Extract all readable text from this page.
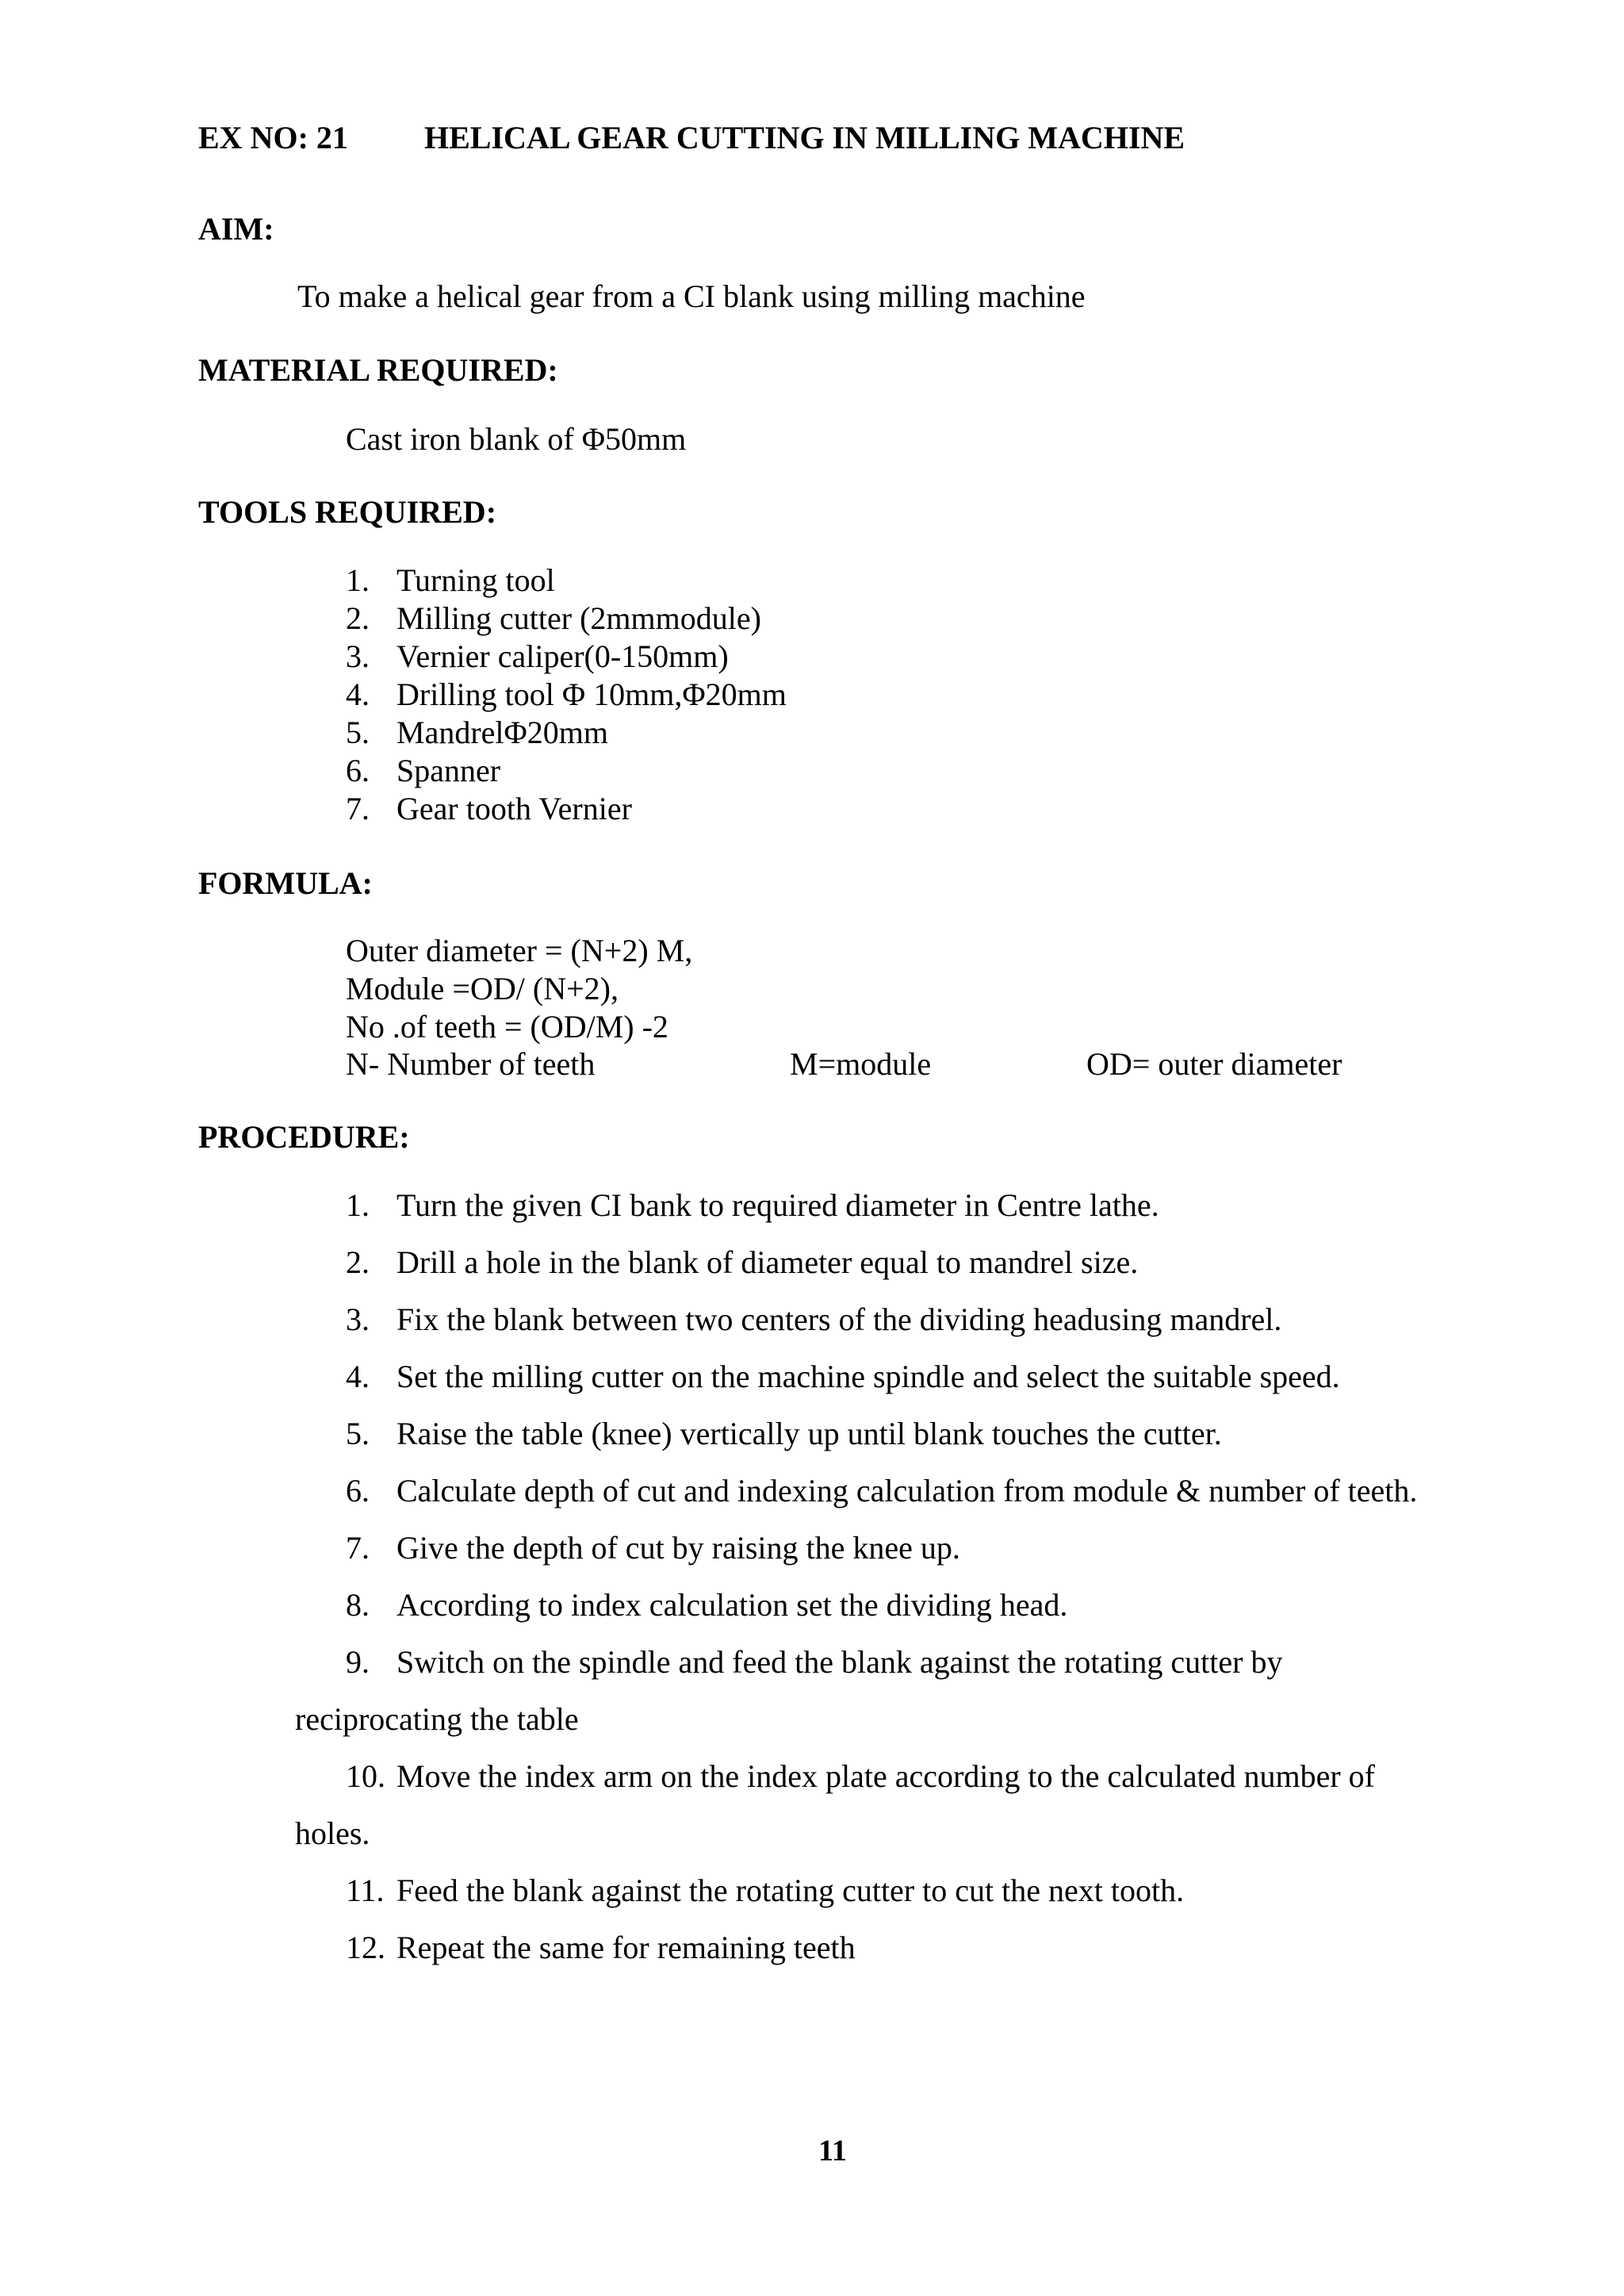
EX NO: 21 HELICAL GEAR CUTTING IN MILLING MACHINE
AIM:
To make a helical gear from a CI blank using milling machine
MATERIAL REQUIRED:
Cast iron blank of Φ50mm
TOOLS REQUIRED:
1. Turning tool
2. Milling cutter (2mmmodule)
3. Vernier caliper(0-150mm)
4. Drilling tool Φ 10mm,Φ20mm
5. MandrelΦ20mm
6. Spanner
7. Gear tooth Vernier
FORMULA:
Outer diameter = (N+2) M,
Module =OD/ (N+2),
No .of teeth = (OD/M) -2
N- Number of teeth	M=module	OD= outer diameter
PROCEDURE:
1. Turn the given CI bank to required diameter in Centre lathe.
2. Drill a hole in the blank of diameter equal to mandrel size.
3. Fix the blank between two centers of the dividing headusing mandrel.
4. Set the milling cutter on the machine spindle and select the suitable speed.
5. Raise the table (knee) vertically up until blank touches the cutter.
6. Calculate depth of cut and indexing calculation from module & number of teeth.
7. Give the depth of cut by raising the knee up.
8. According to index calculation set the dividing head.
9. Switch on the spindle and feed the blank against the rotating cutter by
reciprocating the table
10. Move the index arm on the index plate according to the calculated number of
holes.
11. Feed the blank against the rotating cutter to cut the next tooth.
12. Repeat the same for remaining teeth
11
